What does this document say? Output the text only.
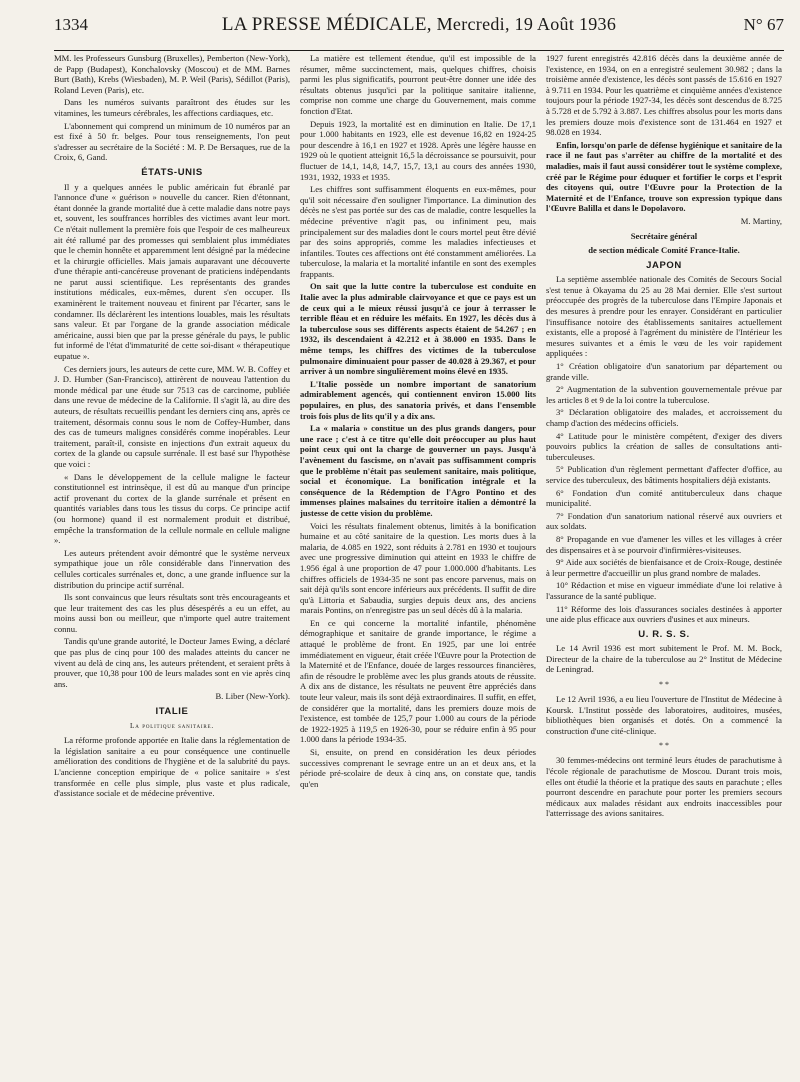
1334	LA PRESSE MÉDICALE, Mercredi, 19 Août 1936	N° 67

MM. les Professeurs Gunsburg (Bruxelles), Pemberton (New-York), de Papp (Budapest), Konchalovsky (Moscou) et de MM. Barnes Burt (Bath), Krebs (Wiesbaden), M. P. Weil (Paris), Sédillot (Paris), Roland Leven (Paris), etc.

Dans les numéros suivants paraîtront des études sur les vitamines, les tumeurs cérébrales, les affections cardiaques, etc.

L'abonnement qui comprend un minimum de 10 numéros par an est fixé à 50 fr. belges. Pour tous renseignements, l'on peut s'adresser au secrétaire de la Société : M. P. De Bersaques, rue de la Croix, 6, Gand.

ÉTATS-UNIS

Il y a quelques années le public américain fut ébranlé par l'annonce d'une « guérison » nouvelle du cancer. Rien d'étonnant, étant donnée la grande mortalité due à cette maladie dans notre pays et, souvent, les souffrances horribles des victimes avant leur mort. Ce n'était nullement la première fois que l'espoir de ces malheureux ait été rallumé par des promesses qui semblaient plus immédiates que le chemin honnête et apparemment lent désigné par la médecine et la chirurgie officielles. Mais jamais auparavant une découverte d'une thérapie anti-cancéreuse provenant de praticiens indépendants ne parut aussi scientifique. Les représentants des grandes institutions médicales, eux-mêmes, durent s'en occuper. Ils examinèrent le traitement nouveau et finirent par l'écarter, sans le condamner. Ils déclarèrent les intentions louables, mais les résultats sans valeur. Et par l'organe de la grande association médicale américaine, aussi bien que par la presse générale du pays, le public fut informé de l'état d'immaturité de cette soi-disant « thérapeutique eupatue ».

Ces derniers jours, les auteurs de cette cure, MM. W. B. Coffey et J. D. Humber (San-Francisco), attirèrent de nouveau l'attention du monde médical par une étude sur 7513 cas de carcinome, publiée dans une revue de médecine de la Californie. Il s'agit là, au dire des auteurs, de résultats recueillis pendant les derniers cinq ans, après ce traitement, désormais connu sous le nom de Coffey-Humber, dans des cas de tumeurs malignes considérés comme inopérables. Leur traitement, paraît-il, consiste en injections d'un extrait aqueux du cortex de la glande ou capsule surrénale. Il est basé sur l'hypothèse que voici :

« Dans le développement de la cellule maligne le facteur constitutionnel est intrinsèque, il est dû au manque d'un principe actif provenant du cortex de la glande surrénale et présent en quantités variables dans tous les tissus du corps. Ce principe actif (ou hormone) quand il est normalement produit et distribué, empêche la transformation de la cellule normale en cellule maligne ».

Les auteurs prétendent avoir démontré que le système nerveux sympathique joue un rôle considérable dans l'innervation des cellules corticales surrénales et, donc, a une grande influence sur la distribution du principe actif surrénal.

Ils sont convaincus que leurs résultats sont très encourageants et que leur traitement des cas les plus désespérés a eu un effet, au moins aussi bon ou meilleur, que n'importe quel autre traitement connu.

Tandis qu'une grande autorité, le Docteur James Ewing, a déclaré que pas plus de cinq pour 100 des malades atteints du cancer ne vivent au delà de cinq ans, les auteurs prétendent, et seraient prêts à prouver, que 10,38 pour 100 de leurs malades sont en vie après cinq ans.

B. Liber (New-York).
ITALIE
La politique sanitaire.

La réforme profonde apportée en Italie dans la réglementation de la législation sanitaire a eu pour conséquence une continuelle amélioration des conditions de l'hygiène et de la salubrité du pays. L'ancienne conception empirique de « police sanitaire » s'est transformée en celle plus simple, plus vaste et plus radicale, d'assistance sociale et de médecine préventive.

La matière est tellement étendue, qu'il est impossible de la résumer, même succinctement, mais, quelques chiffres, choisis parmi les plus significatifs, pourront peut-être donner une idée des résultats obtenus jusqu'ici par la politique sanitaire italienne, comprise non comme une charge du Gouvernement, mais comme fonction d'Etat.

Depuis 1923, la mortalité est en diminution en Italie. De 17,1 pour 1.000 habitants en 1923, elle est devenue 16,82 en 1924-25 pour descendre à 16,1 en 1927 et 1928. Après une légère hausse en 1929 où le quotient atteignit 16,5 la décroissance se poursuivit, pour fluctuer de 14,1, 14,8, 14,7, 15,7, 13,1 au cours des années 1930, 1931, 1932, 1933 et 1935.

Les chiffres sont suffisamment éloquents en eux-mêmes, pour qu'il soit nécessaire d'en souligner l'importance. La diminution des décès ne s'est pas portée sur des cas de maladie, contre lesquelles la médecine préventive n'agit pas, ou infiniment peu, mais principalement sur des maladies dont le cours mortel peut être dévié par des soins appropriés, comme les maladies infectieuses et infantiles. Toutes ces affections ont été constamment améliorées. La tuberculose, la malaria et la mortalité infantile en sont des exemples frappants.

On sait que la lutte contre la tuberculose est conduite en Italie avec la plus admirable clairvoyance et que ce pays est un de ceux qui a le mieux réussi jusqu'à ce jour à terrasser le terrible fléau et en réduire les méfaits. En 1927, les décès dus à la tuberculose sous ses différents aspects étaient de 54.267 ; en 1932, ils descendaient à 42.212 et à 38.000 en 1935. Dans le même temps, les chiffres des victimes de la tuberculose pulmonaire diminuaient pour passer de 40.028 à 29.367, et pour arriver à un nombre singulièrement moins élevé en 1935.

L'Italie possède un nombre important de sanatorium admirablement agencés, qui contiennent environ 15.000 lits populaires, en plus, des sanatoria privés, et dans l'ensemble trois fois plus de lits qu'il y a dix ans.

La « malaria » constitue un des plus grands dangers, pour une race ; c'est à ce titre qu'elle doit préoccuper au plus haut point ceux qui ont la charge de gouverner un pays. Jusqu'à l'avènement du fascisme, on n'avait pas suffisamment compris que le problème n'était pas seulement sanitaire, mais politique, social et économique. La bonification intégrale et la conséquence de la Rédemption de l'Agro Pontino et des immenses plaines malsaines du territoire italien a démontré la justesse de cette vision du problème.

Voici les résultats finalement obtenus, limités à la bonification humaine et au côté sanitaire de la question. Les morts dues à la malaria, de 4.085 en 1922, sont réduits à 2.781 en 1930 et toujours avec une progressive diminution qui atteint en 1933 le chiffre de 1.956 égal à une proportion de 47 pour 1.000.000 d'habitants. Les chiffres officiels de 1934-35 ne sont pas encore parvenus, mais on sait déjà qu'ils sont encore inférieurs aux précédents. Il suffit de dire qu'à Littoria et Sabaudia, surgies depuis deux ans, des anciens marais Pontins, on n'enregistre pas un seul décès dû à la malaria.

En ce qui concerne la mortalité infantile, phénomène démographique et sanitaire de grande importance, le régime a attaqué le problème de front. En 1925, par une loi entrée immédiatement en vigueur, était créée l'Œuvre pour la Protection de la Maternité et de l'Enfance, douée de larges ressources financières, afin de résoudre le problème avec les plus grands atouts de réussite. A dix ans de distance, les résultats ne peuvent être appréciés dans toute leur valeur, mais ils sont déjà extraordinaires. Il suffit, en effet, de considérer que la mortalité, dans les premiers douze mois de l'existence, est tombée de 125,7 pour 1.000 au cours de la période de 1922-1925 à 119,5 en 1926-30, pour se réduire enfin à 95 pour 1.000 dans la période 1934-35.

Si, ensuite, on prend en considération les deux périodes successives comprenant le sevrage entre un an et deux ans, et la période pré-scolaire de deux à cinq ans, on constate que, tandis qu'en

1927 furent enregistrés 42.816 décès dans la deuxième année de l'existence, en 1934, on en a enregistré seulement 30.982 ; dans la troisième année d'existence, les décès sont passés de 15.616 en 1927 à 9.711 en 1934. Pour les quatrième et cinquième années d'existence toujours pour la période 1927-34, les décès sont descendus de 8.725 à 5.728 et de 5.792 à 3.887. Les chiffres absolus pour les morts dans les premiers douze mois d'existence sont de 131.464 en 1927 et 98.028 en 1934.

Enfin, lorsqu'on parle de défense hygiénique et sanitaire de la race il ne faut pas s'arrêter au chiffre de la mortalité et des maladies, mais il faut aussi considérer tout le système complexe, créé par le Régime pour éduquer et fortifier le corps et l'esprit des citoyens qui, outre l'Œuvre pour la Protection de la Maternité et de l'Enfance, trouve son expression typique dans l'Œuvre Balilla et dans le Dopolavoro.

M. Martiny,
Secrétaire général
de section médicale Comité France-Italie.
JAPON

La septième assemblée nationale des Comités de Secours Social s'est tenue à Okayama du 25 au 28 Mai dernier. Elle s'est surtout préoccupée des progrès de la tuberculose dans l'Empire Japonais et des mesures à prendre pour les enrayer. Considérant en particulier l'insuffisance notoire des établissements sanitaires actuellement existants, elle a proposé à l'agrément du ministère de l'Intérieur les mesures suivantes et a émis le vœu de les voir rapidement appliquées :

1° Création obligatoire d'un sanatorium par département ou grande ville.

2° Augmentation de la subvention gouvernementale prévue par les articles 8 et 9 de la loi contre la tuberculose.

3° Déclaration obligatoire des malades, et accroissement du champ d'action des médecins officiels.

4° Latitude pour le ministère compétent, d'exiger des divers pouvoirs publics la création de salles de consultations anti-tuberculeuses.

5° Publication d'un règlement permettant d'affecter d'office, au service des tuberculeux, des bâtiments hospitaliers déjà existants.

6° Fondation d'un comité antituberculeux dans chaque municipalité.

7° Fondation d'un sanatorium national réservé aux ouvriers et aux soldats.

8° Propagande en vue d'amener les villes et les villages à créer des dispensaires et à se pourvoir d'infirmières-visiteuses.

9° Aide aux sociétés de bienfaisance et de Croix-Rouge, destinée à leur permettre d'accueillir un plus grand nombre de malades.

10° Rédaction et mise en vigueur immédiate d'une loi relative à l'assurance de la santé publique.

11° Réforme des lois d'assurances sociales destinées à apporter une aide plus efficace aux ouvriers d'usines et aux mineurs.

U. R. S. S.

Le 14 Avril 1936 est mort subitement le Prof. M. M. Bock, Directeur de la chaire de la tuberculose au 2° Institut de Médecine de Leningrad.

* *

Le 12 Avril 1936, a eu lieu l'ouverture de l'Institut de Médecine à Koursk. L'Institut possède des laboratoires, auditoires, musées, bibliothèques bien organisés et dotés. On a commencé la construction d'une cité-clinique.

* *

30 femmes-médecins ont terminé leurs études de parachutisme à l'école régionale de parachutisme de Moscou. Durant trois mois, elles ont étudié la théorie et la pratique des sauts en parachute ; elles pourront descendre en parachute pour porter les premiers secours médicaux aux malades résidant aux endroits inaccessibles pour l'atterrissage des avions sanitaires.
